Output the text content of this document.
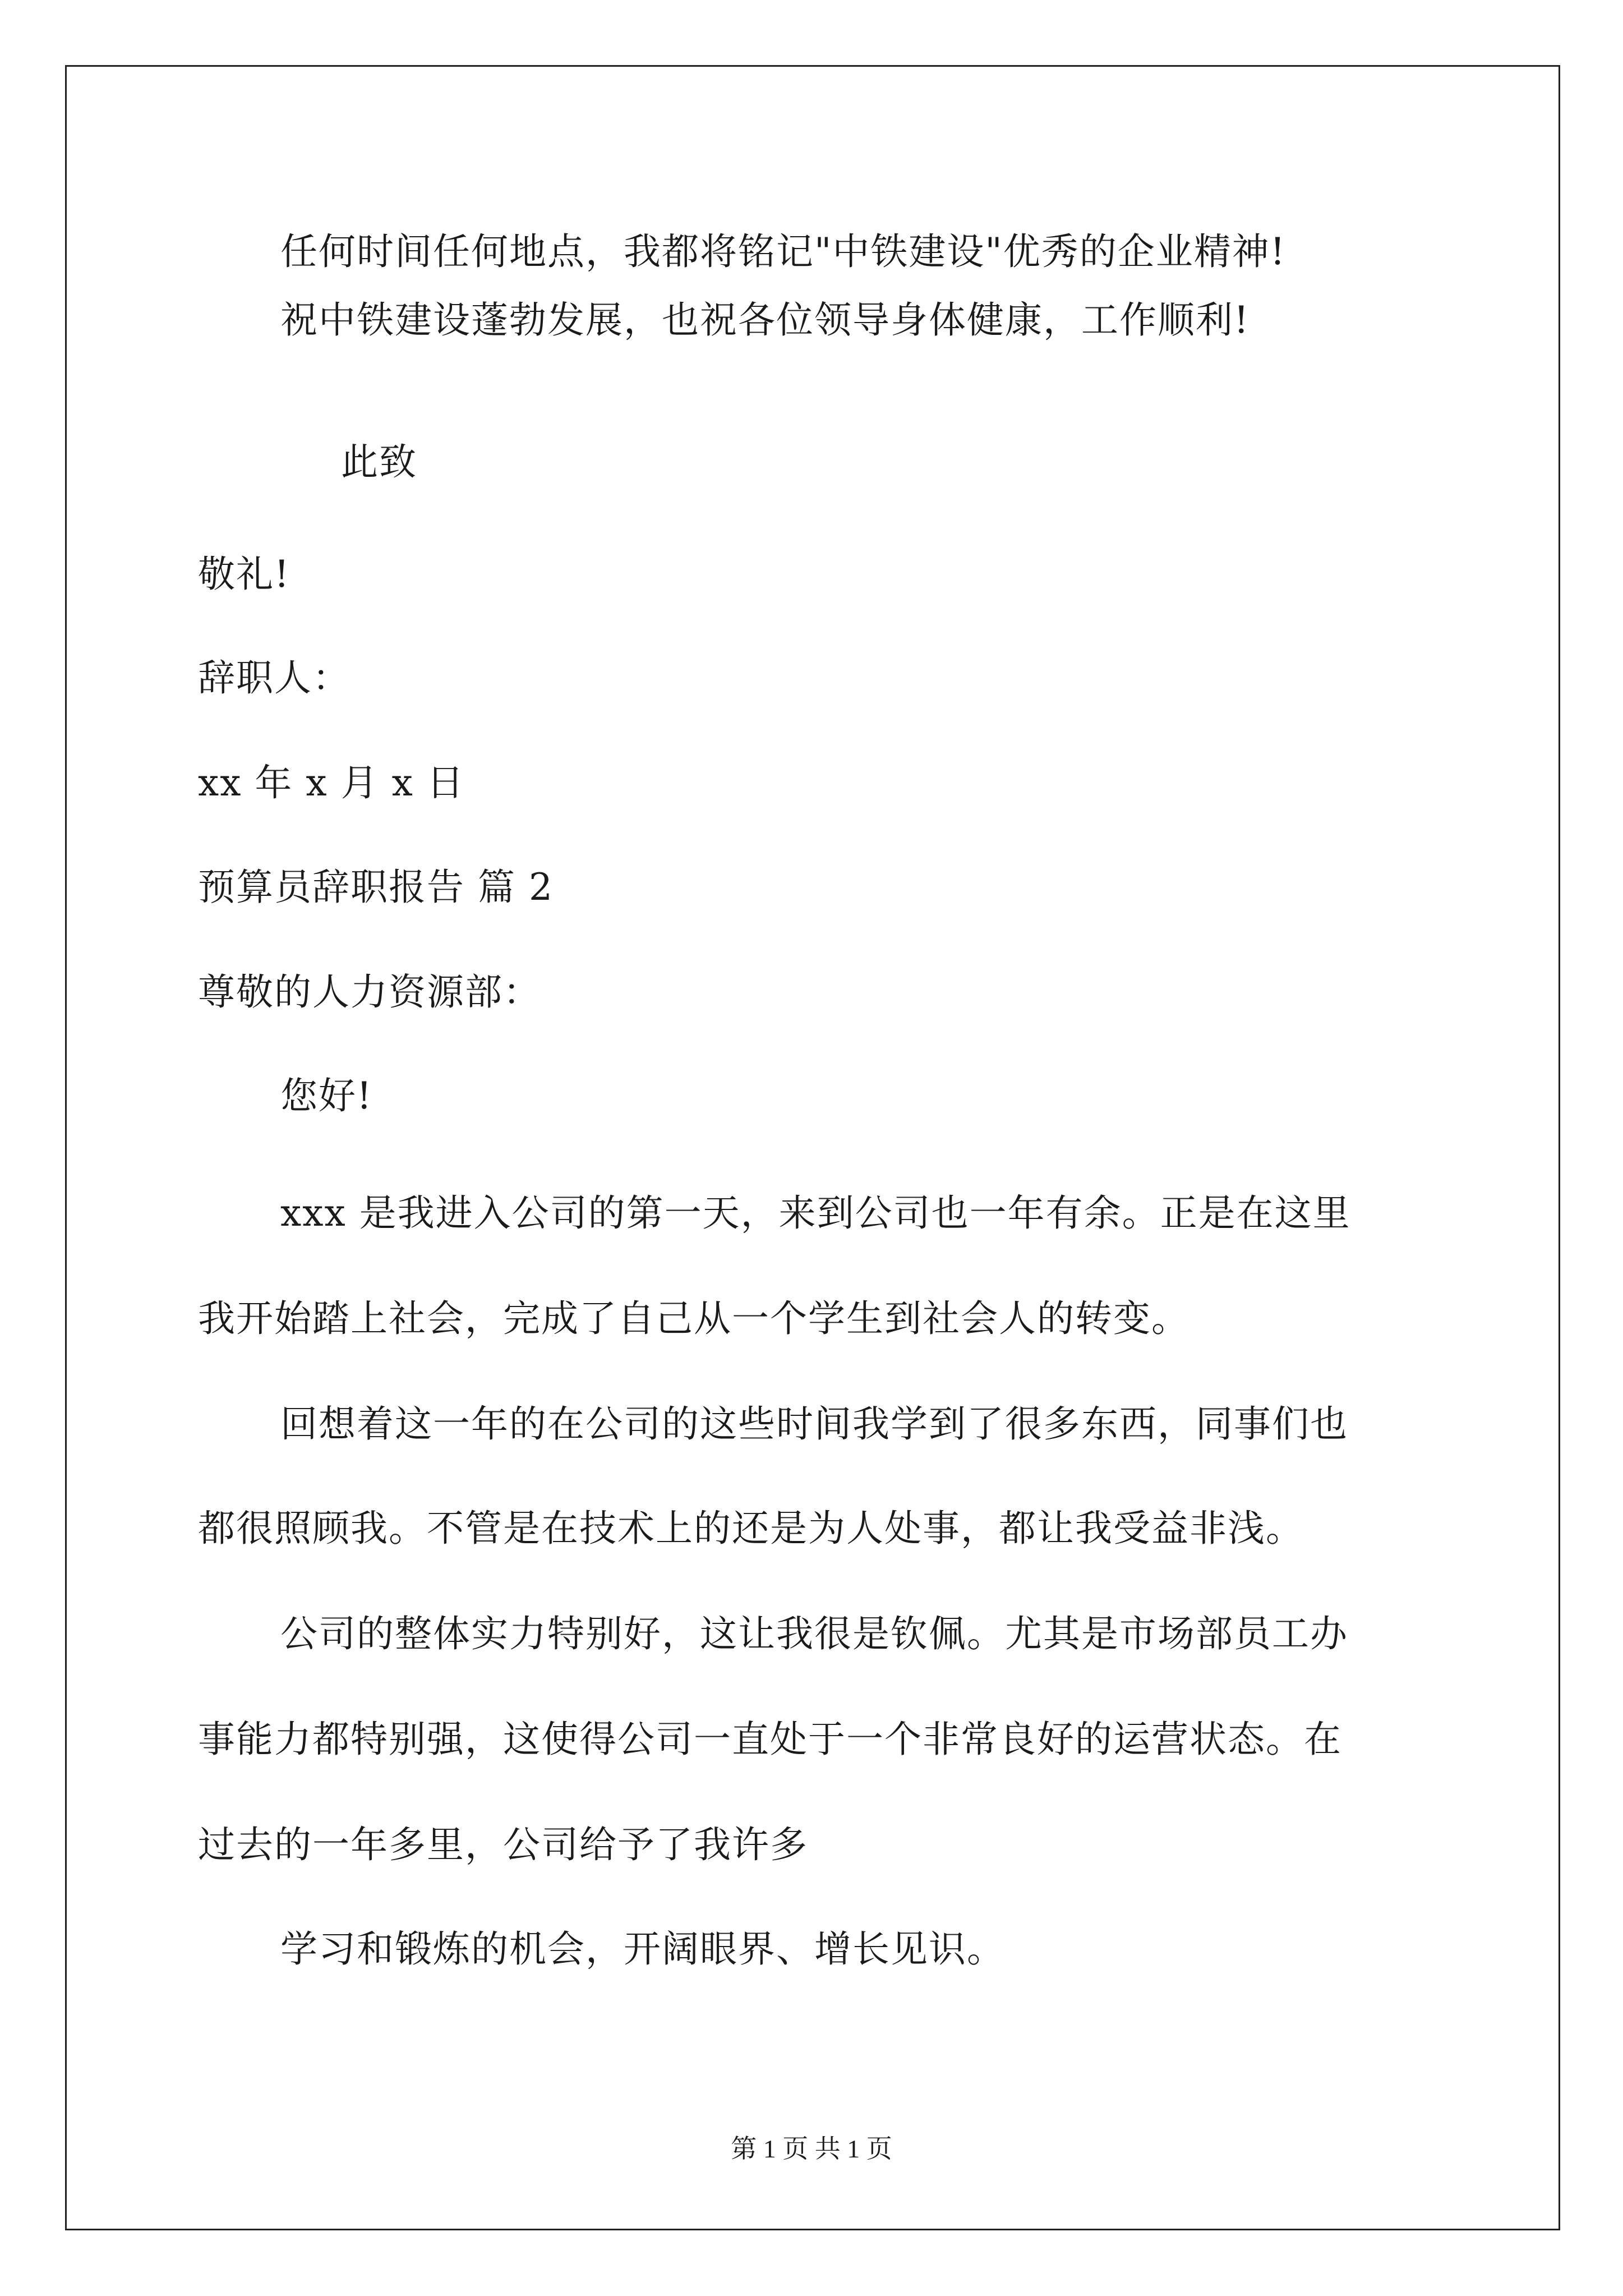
任何时间任何地点，我都将铭记"中铁建设"优秀的企业精神!
祝中铁建设蓬勃发展，也祝各位领导身体健康，工作顺利!
此致
敬礼!
辞职人：
xx 年 x 月 x 日
预算员辞职报告 篇 2
尊敬的人力资源部：
您好!
xxx 是我进入公司的第一天，来到公司也一年有余。正是在这里
我开始踏上社会，完成了自己从一个学生到社会人的转变。
回想着这一年的在公司的这些时间我学到了很多东西，同事们也
都很照顾我。不管是在技术上的还是为人处事，都让我受益非浅。
公司的整体实力特别好，这让我很是钦佩。尤其是市场部员工办
事能力都特别强，这使得公司一直处于一个非常良好的运营状态。在
过去的一年多里，公司给予了我许多
学习和锻炼的机会，开阔眼界、增长见识。
第 1 页 共 1 页
